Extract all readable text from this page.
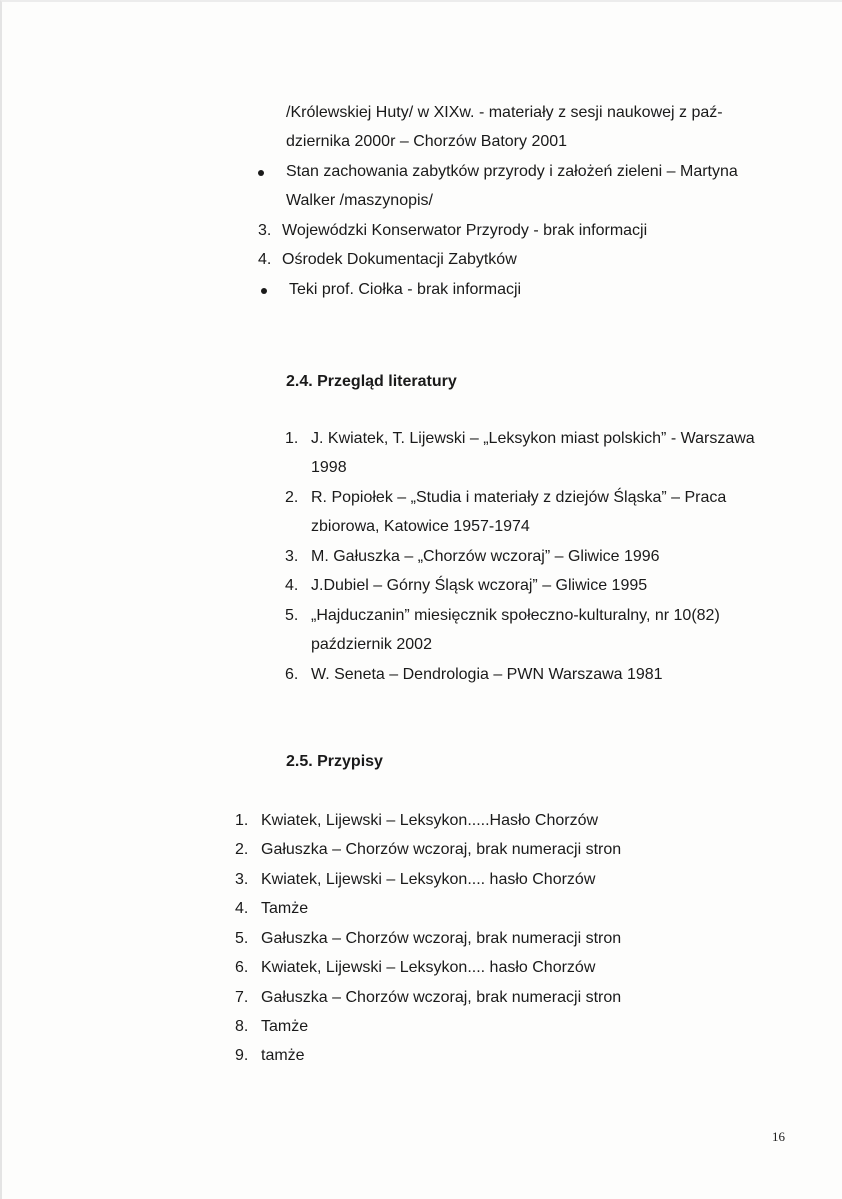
/Królewskiej Huty/ w XIXw. - materiały z sesji naukowej z paź-
dziernika 2000r – Chorzów Batory 2001
Stan zachowania zabytków przyrody i założeń zieleni – Martyna
Walker /maszynopis/
3. Wojewódzki Konserwator Przyrody - brak informacji
4. Ośrodek Dokumentacji Zabytków
Teki prof. Ciołka - brak informacji
2.4. Przegląd literatury
1. J. Kwiatek, T. Lijewski – „Leksykon miast polskich” - Warszawa
1998
2. R. Popiołek – „Studia i materiały z dziejów Śląska” – Praca
zbiorowa, Katowice 1957-1974
3. M. Gałuszka – „Chorzów wczoraj” – Gliwice 1996
4. J.Dubiel – Górny Śląsk wczoraj” – Gliwice 1995
5. „Hajduczanin” miesięcznik społeczno-kulturalny, nr 10(82)
październik 2002
6. W. Seneta – Dendrologia – PWN Warszawa 1981
2.5. Przypisy
1. Kwiatek, Lijewski – Leksykon.....Hasło Chorzów
2. Gałuszka – Chorzów wczoraj, brak numeracji stron
3. Kwiatek, Lijewski – Leksykon.... hasło Chorzów
4. Tamże
5. Gałuszka – Chorzów wczoraj, brak numeracji stron
6. Kwiatek, Lijewski – Leksykon.... hasło Chorzów
7. Gałuszka – Chorzów wczoraj, brak numeracji stron
8. Tamże
9. tamże
16
